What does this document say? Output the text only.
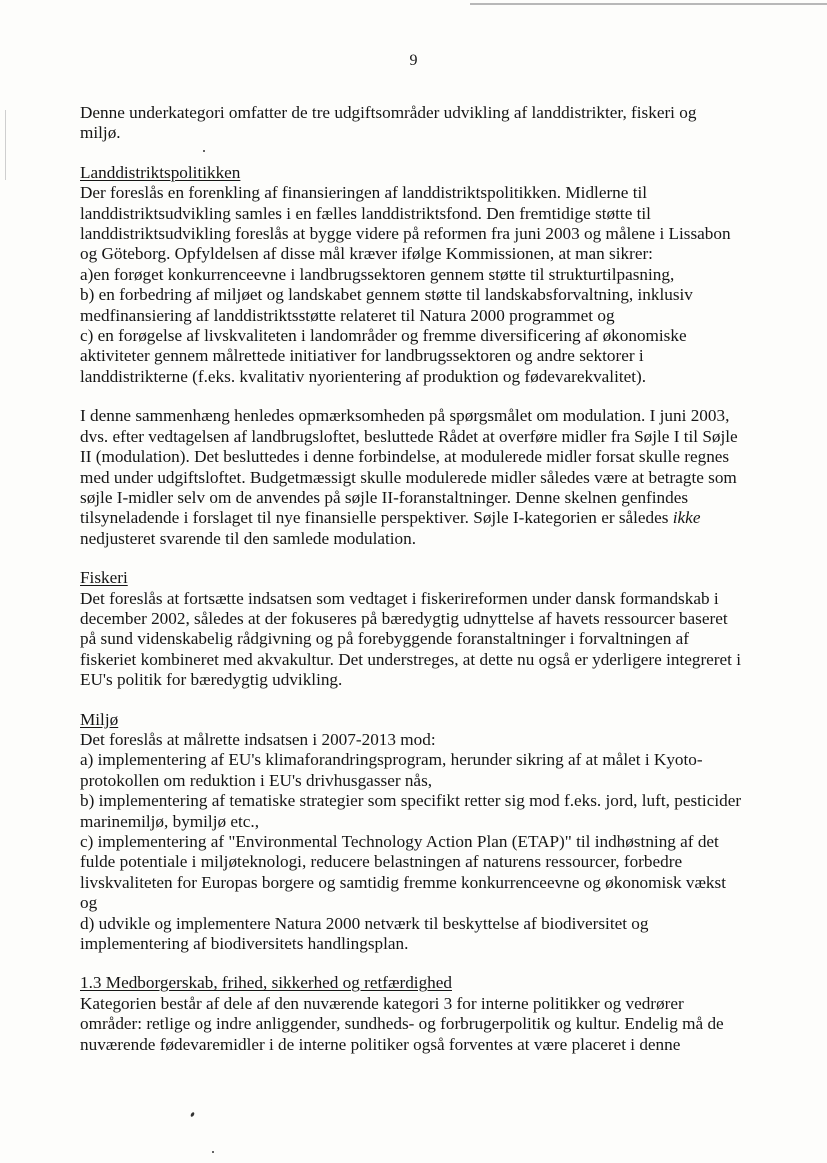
9
Denne underkategori omfatter de tre udgiftsområder udvikling af landdistrikter, fiskeri og
miljø.
Landdistriktspolitikken
Der foreslås en forenkling af finansieringen af landdistriktspolitikken. Midlerne til
landdistriktsudvikling samles i en fælles landdistriktsfond. Den fremtidige støtte til
landdistriktsudvikling foreslås at bygge videre på reformen fra juni 2003 og målene i Lissabon
og Göteborg. Opfyldelsen af disse mål kræver ifølge Kommissionen, at man sikrer:
a)en forøget konkurrenceevne i landbrugssektoren gennem støtte til strukturtilpasning,
b) en forbedring af miljøet og landskabet gennem støtte til landskabsforvaltning, inklusiv
medfinansiering af landdistriktsstøtte relateret til Natura 2000 programmet og
c) en forøgelse af livskvaliteten i landområder og fremme diversificering af økonomiske
aktiviteter gennem målrettede initiativer for landbrugssektoren og andre sektorer i
landdistrikterne (f.eks. kvalitativ nyorientering af produktion og fødevarekvalitet).
I denne sammenhæng henledes opmærksomheden på spørgsmålet om modulation. I juni 2003,
dvs. efter vedtagelsen af landbrugsloftet, besluttede Rådet at overføre midler fra Søjle I til Søjle
II (modulation). Det besluttedes i denne forbindelse, at modulerede midler forsat skulle regnes
med under udgiftsloftet. Budgetmæssigt skulle modulerede midler således være at betragte som
søjle I-midler selv om de anvendes på søjle II-foranstaltninger. Denne skelnen genfindes
tilsyneladende i forslaget til nye finansielle perspektiver. Søjle I-kategorien er således ikke
nedjusteret svarende til den samlede modulation.
Fiskeri
Det foreslås at fortsætte indsatsen som vedtaget i fiskerireformen under dansk formandskab i
december 2002, således at der fokuseres på bæredygtig udnyttelse af havets ressourcer baseret
på sund videnskabelig rådgivning og på forebyggende foranstaltninger i forvaltningen af
fiskeriet kombineret med akvakultur. Det understreges, at dette nu også er yderligere integreret i
EU's politik for bæredygtig udvikling.
Miljø
Det foreslås at målrette indsatsen i 2007-2013 mod:
a) implementering af EU's klimaforandringsprogram, herunder sikring af at målet i Kyoto-
protokollen om reduktion i EU's drivhusgasser nås,
b) implementering af tematiske strategier som specifikt retter sig mod f.eks. jord, luft, pesticider
marinemiljø, bymiljø etc.,
c) implementering af "Environmental Technology Action Plan (ETAP)" til indhøstning af det
fulde potentiale i miljøteknologi, reducere belastningen af naturens ressourcer, forbedre
livskvaliteten for Europas borgere og samtidig fremme konkurrenceevne og økonomisk vækst
og
d) udvikle og implementere Natura 2000 netværk til beskyttelse af biodiversitet og
implementering af biodiversitets handlingsplan.
1.3 Medborgerskab, frihed, sikkerhed og retfærdighed
Kategorien består af dele af den nuværende kategori 3 for interne politikker og vedrører
områder: retlige og indre anliggender, sundheds- og forbrugerpolitik og kultur. Endelig må de
nuværende fødevaremidler i de interne politiker også forventes at være placeret i denne
